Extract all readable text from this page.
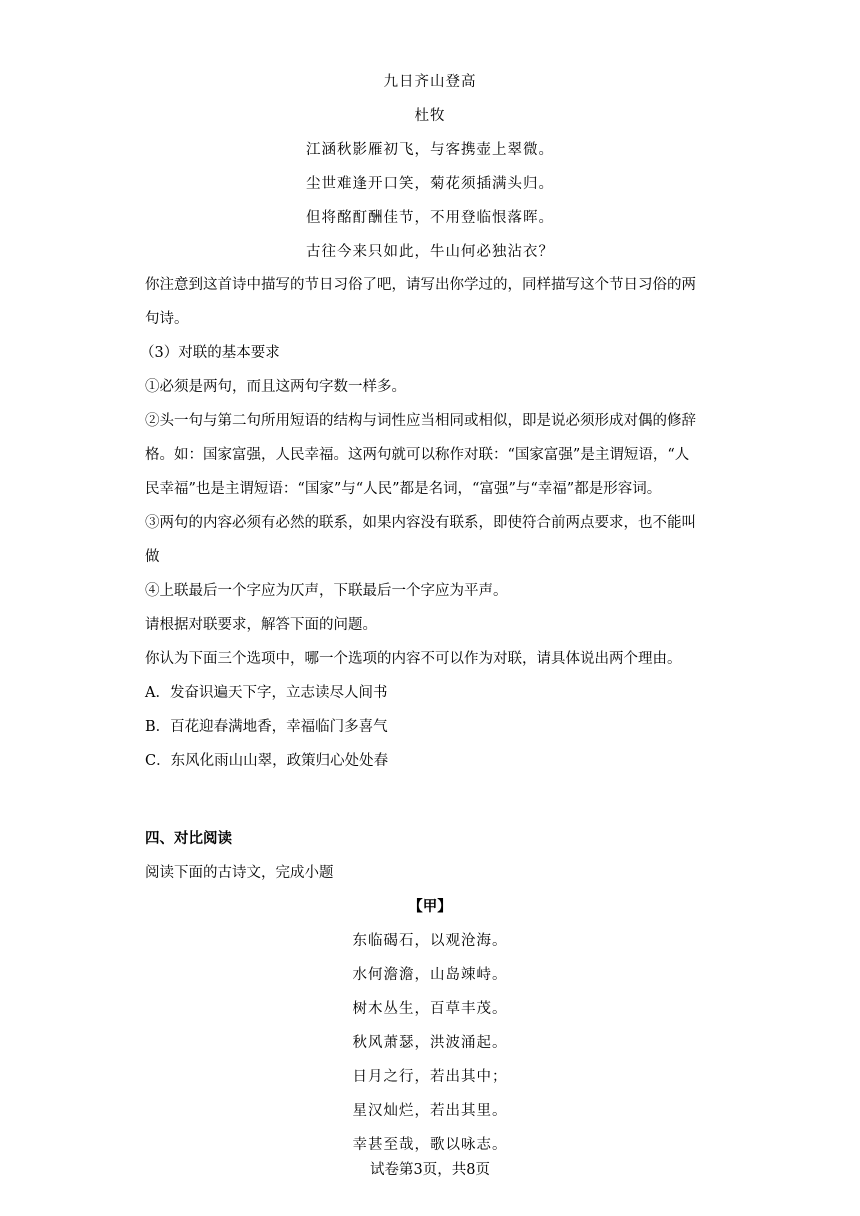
九日齐山登高
杜牧
江涵秋影雁初飞，与客携壶上翠微。
尘世难逢开口笑，菊花须插满头归。
但将酩酊酬佳节，不用登临恨落晖。
古往今来只如此，牛山何必独沾衣？
你注意到这首诗中描写的节日习俗了吧，请写出你学过的，同样描写这个节日习俗的两
句诗。
（3）对联的基本要求
①必须是两句，而且这两句字数一样多。
②头一句与第二句所用短语的结构与词性应当相同或相似，即是说必须形成对偶的修辞
格。如：国家富强，人民幸福。这两句就可以称作对联：“国家富强”是主谓短语，“人
民幸福”也是主谓短语：“国家”与“人民”都是名词，“富强”与“幸福”都是形容词。
③两句的内容必须有必然的联系，如果内容没有联系，即使符合前两点要求，也不能叫
做
④上联最后一个字应为仄声，下联最后一个字应为平声。
请根据对联要求，解答下面的问题。
你认为下面三个选项中，哪一个选项的内容不可以作为对联，请具体说出两个理由。
A．发奋识遍天下字，立志读尽人间书
B．百花迎春满地香，幸福临门多喜气
C．东风化雨山山翠，政策归心处处春
四、对比阅读
阅读下面的古诗文，完成小题
【甲】
东临碣石，以观沧海。
水何澹澹，山岛竦峙。
树木丛生，百草丰茂。
秋风萧瑟，洪波涌起。
日月之行，若出其中；
星汉灿烂，若出其里。
幸甚至哉，歌以咏志。
试卷第3页，共8页
